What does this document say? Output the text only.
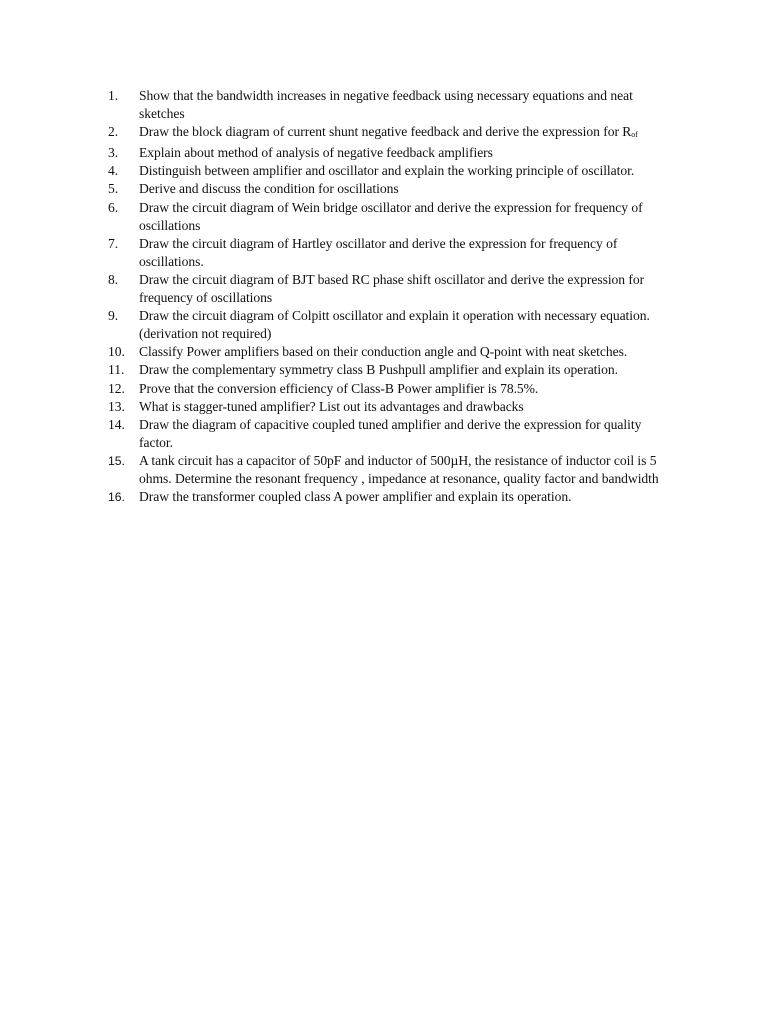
1.	Show that the bandwidth increases in negative feedback using necessary equations and neat sketches
2.	Draw the block diagram of current shunt negative feedback and derive the expression for Rof
3.	Explain about method of analysis of negative feedback amplifiers
4.	Distinguish between amplifier and oscillator and explain the working principle of oscillator.
5.	Derive and discuss the condition for oscillations
6.	Draw the circuit diagram of Wein bridge oscillator and derive the expression for frequency of oscillations
7.	Draw the circuit diagram of Hartley oscillator and derive the expression for frequency of oscillations.
8.	Draw the circuit diagram of BJT based RC phase shift oscillator and derive the expression for frequency of oscillations
9.	Draw the circuit diagram of Colpitt oscillator and explain it operation with necessary equation.(derivation not required)
10.	Classify Power amplifiers based on their conduction angle and Q-point with neat sketches.
11.	Draw the complementary symmetry class B Pushpull amplifier and explain its operation.
12.	Prove that the conversion efficiency of Class-B Power amplifier is 78.5%.
13.	What is stagger-tuned amplifier? List out its advantages and drawbacks
14.	Draw the diagram of capacitive coupled tuned amplifier and derive the expression for quality factor.
15.	A tank circuit has a capacitor of 50pF and inductor of 500µH, the resistance of inductor coil is 5 ohms. Determine the resonant frequency , impedance at resonance, quality factor and bandwidth
16.	Draw the transformer coupled class A power amplifier and explain its operation.
